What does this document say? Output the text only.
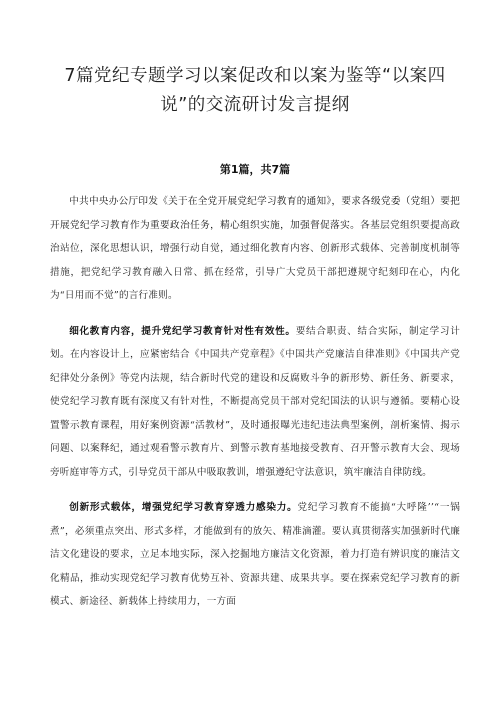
7篇党纪专题学习以案促改和以案为鉴等“以案四说”的交流研讨发言提纲
第1篇，共7篇

中共中央办公厅印发《关于在全党开展党纪学习教育的通知》，要求各级党委（党组）要把开展党纪学习教育作为重要政治任务，精心组织实施，加强督促落实。各基层党组织要提高政治站位，深化思想认识，增强行动自觉，通过细化教育内容、创新形式载体、完善制度机制等措施，把党纪学习教育融入日常、抓在经常，引导广大党员干部把遵规守纪刻印在心，内化为“日用而不觉”的言行准则。

细化教育内容，提升党纪学习教育针对性有效性。要结合职责、结合实际，制定学习计划。在内容设计上，应紧密结合《中国共产党章程》《中国共产党廉洁自律准则》《中国共产党纪律处分条例》等党内法规，结合新时代党的建设和反腐败斗争的新形势、新任务、新要求，使党纪学习教育既有深度又有针对性，不断提高党员干部对党纪国法的认识与遵循。要精心设置警示教育课程，用好案例资源“活教材”，及时通报曝光违纪违法典型案例，剖析案情、揭示问题、以案释纪，通过观看警示教育片、到警示教育基地接受教育、召开警示教育大会、现场旁听庭审等方式，引导党员干部从中吸取教训，增强遵纪守法意识，筑牢廉洁自律防线。

创新形式载体，增强党纪学习教育穿透力感染力。党纪学习教育不能搞“大呼隆’’“一锅煮”，必须重点突出、形式多样，才能做到有的放矢、精准滴灌。要认真贯彻落实加强新时代廉洁文化建设的要求，立足本地实际，深入挖掘地方廉洁文化资源，着力打造有辨识度的廉洁文化精品，推动实现党纪学习教育优势互补、资源共建、成果共享。要在探索党纪学习教育的新模式、新途径、新载体上持续用力，一方面
